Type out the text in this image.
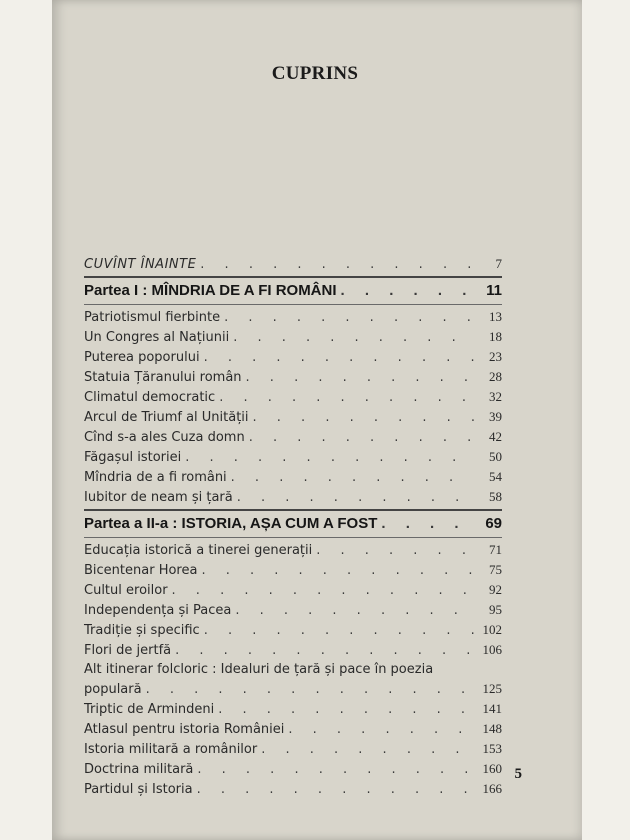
CUPRINS
CUVÎNT ÎNAINTE . . .	7
Partea I : MÎNDRIA DE A FI ROMÂNI . . .	11
Patriotismul fierbinte . . .	13
Un Congres al Națiunii . . .	18
Puterea poporului . . .	23
Statuia Țăranului român . . .	28
Climatul democratic . . .	32
Arcul de Triumf al Unității . . .	39
Cînd s-a ales Cuza domn . . .	42
Făgașul istoriei . . .	50
Mîndria de a fi români . . .	54
Iubitor de neam și țară . . .	58
Partea a II-a : ISTORIA, AȘA CUM A FOST . . .	69
Educația istorică a tinerei generații . . .	71
Bicentenar Horea . . .	75
Cultul eroilor . . .	92
Independența și Pacea . . .	95
Tradiție și specific . . .	102
Flori de jertfă . . .	106
Alt itinerar folcloric : Idealuri de țară și pace în poezia
populară . . .	125
Triptic de Armindeni . . .	141
Atlasul pentru istoria României . . .	148
Istoria militară a românilor . . .	153
Doctrina militară . . .	160
Partidul și Istoria . . .	166
5
